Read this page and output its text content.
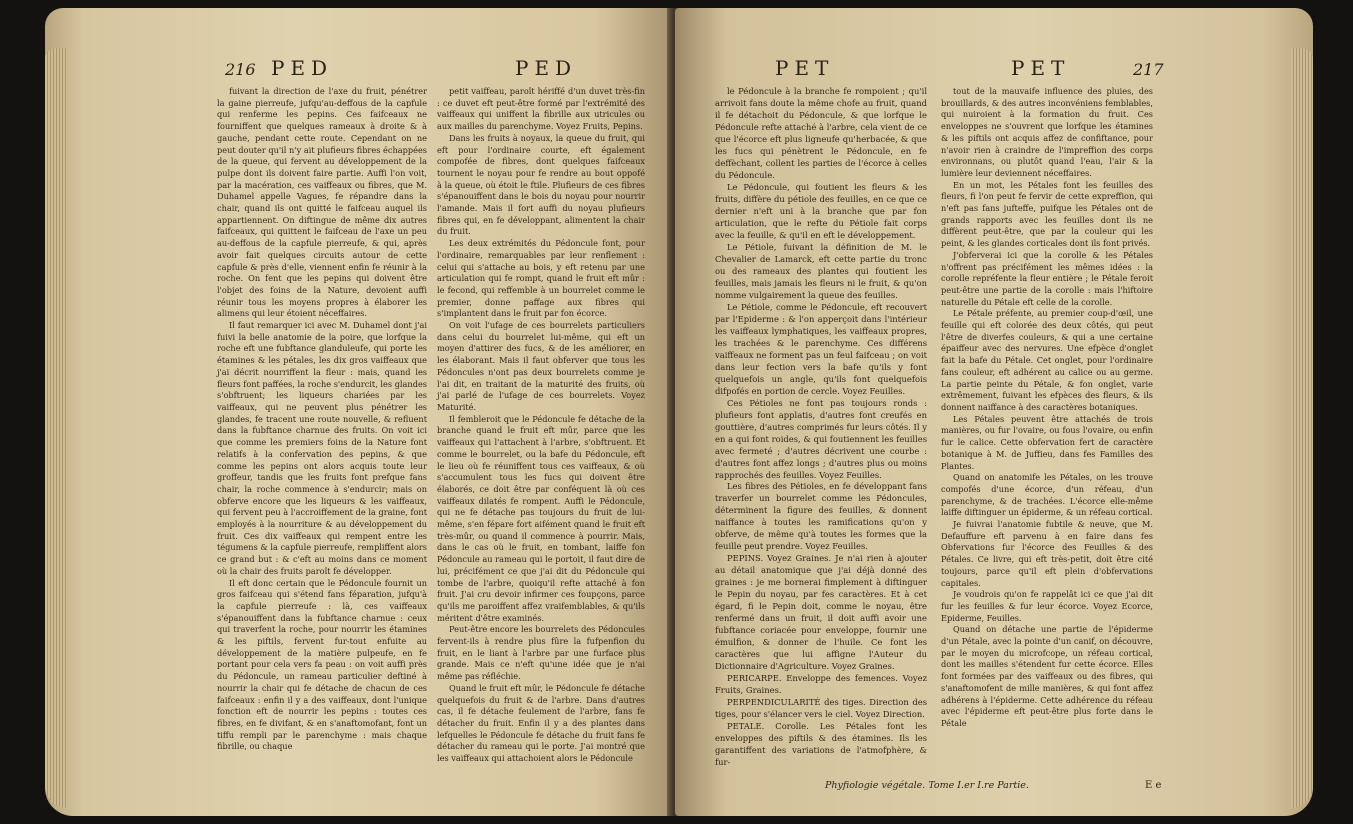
216 PED	PED

fuivant la direction de l'axe du fruit, pénétrer la gaine pierreufe, jufqu'au-deffous de la capfule qui renferme les pepins. Ces faifceaux ne fourniffent que quelques rameaux à droite & à gauche, pendant cette route. Cependant on ne peut douter qu'il n'y ait plufieurs fibres échappées de la queue, qui fervent au développement de la pulpe dont ils doivent faire partie. Auffi l'on voit, par la macération, ces vaiffeaux ou fibres, que M. Duhamel appelle Vagues, fe répandre dans la chair, quand ils ont quitté le faifceau auquel ils appartiennent. On diftingue de même dix autres faifceaux, qui quittent le faifceau de l'axe un peu au-deffous de la capfule pierreufe, & qui, après avoir fait quelques circuits autour de cette capfule & près d'elle, viennent enfin fe réunir à la roche. On fent que les pepins qui doivent être l'objet des foins de la Nature, devoient auffi réunir tous les moyens propres à élaborer les alimens qui leur étoient néceffaires.

Il faut remarquer ici avec M. Duhamel dont j'ai fuivi la belle anatomie de la poire, que lorfque la roche eft une fubftance glanduleufe, qui porte les étamines & les pétales, les dix gros vaiffeaux que j'ai décrit nourriffent la fleur : mais, quand les fleurs font paffées, la roche s'endurcit, les glandes s'obftruent; les liqueurs chariées par les vaiffeaux, qui ne peuvent plus pénétrer les glandes, fe tracent une route nouvelle, & refluent dans la fubftance charnue des fruits. On voit ici que comme les premiers foins de la Nature font relatifs à la confervation des pepins, & que comme les pepins ont alors acquis toute leur groffeur, tandis que les fruits font prefque fans chair, la roche commence à s'endurcir; mais on obferve encore que les liqueurs & les vaiffeaux, qui fervent peu à l'accroiffement de la graine, font employés à la nourriture & au développement du fruit. Ces dix vaiffeaux qui rempent entre les tégumens & la capfule pierreufe, rempliffent alors ce grand but : & c'eft au moins dans ce moment où la chair des fruits paroît fe développer.

Il eft donc certain que le Pédoncule fournit un gros faifceau qui s'étend fans féparation, jufqu'à la capfule pierreufe : là, ces vaiffeaux s'épanouiffent dans la fubftance charnue : ceux qui traverfent la roche, pour nourrir les étamines & les piftils, fervent fur-tout enfuite au développement de la matière pulpeufe, en fe portant pour cela vers fa peau : on voit auffi près du Pédoncule, un rameau particulier deftiné à nourrir la chair qui fe détache de chacun de ces faifceaux : enfin il y a des vaiffeaux, dont l'unique fonction eft de nourrir les pepins : toutes ces fibres, en fe divifant, & en s'anaftomofant, font un tiffu rempli par le parenchyme : mais chaque fibrille, ou chaque

petit vaiffeau, paroît hériffé d'un duvet très-fin : ce duvet eft peut-être formé par l'extrémité des vaiffeaux qui uniffent la fibrille aux utricules ou aux mailles du parenchyme. Voyez Fruits, Pepins.

Dans les fruits à noyaux, la queue du fruit, qui eft pour l'ordinaire courte, eft également compofée de fibres, dont quelques faifceaux tournent le noyau pour fe rendre au bout oppofé à la queue, où étoit le ftile. Plufieurs de ces fibres s'épanouiffent dans le bois du noyau pour nourrir l'amande. Mais il fort auffi du noyau plufieurs fibres qui, en fe développant, alimentent la chair du fruit.

Les deux extrémités du Pédoncule font, pour l'ordinaire, remarquables par leur renflement : celui qui s'attache au bois, y eft retenu par une articulation qui fe rompt, quand le fruit eft mûr : le fecond, qui reffemble à un bourrelet comme le premier, donne paffage aux fibres qui s'implantent dans le fruit par fon écorce.

On voit l'ufage de ces bourrelets particuliers dans celui du bourrelet lui-même, qui eft un moyen d'attirer des fucs, & de les améliorer, en les élaborant. Mais il faut obferver que tous les Pédoncules n'ont pas deux bourrelets comme je l'ai dit, en traitant de la maturité des fruits, où j'ai parlé de l'ufage de ces bourrelets. Voyez Maturité.

Il fembleroit que le Pédoncule fe détache de la branche quand le fruit eft mûr, parce que les vaiffeaux qui l'attachent à l'arbre, s'obftruent. Et comme le bourrelet, ou la bafe du Pédoncule, eft le lieu où fe réuniffent tous ces vaiffeaux, & où s'accumulent tous les fucs qui doivent être élaborés, ce doit être par conféquent là où ces vaiffeaux dilatés fe rompent. Auffi le Pédoncule, qui ne fe détache pas toujours du fruit de lui-même, s'en fépare fort aifément quand le fruit eft très-mûr, ou quand il commence à pourrir. Mais, dans le cas où le fruit, en tombant, laiffe fon Pédoncule au rameau qui le portoit, il faut dire de lui, précifément ce que j'ai dit du Pédoncule qui tombe de l'arbre, quoiqu'il refte attaché à fon fruit. J'ai cru devoir infirmer ces foupçons, parce qu'ils me paroiffent affez vraifemblables, & qu'ils méritent d'être examinés.

Peut-être encore les bourrelets des Pédoncules fervent-ils à rendre plus fûre la fufpenfion du fruit, en le liant à l'arbre par une furface plus grande. Mais ce n'eft qu'une idée que je n'ai même pas réfléchie.

Quand le fruit eft mûr, le Pédoncule fe détache quelquefois du fruit & de l'arbre. Dans d'autres cas, il fe détache feulement de l'arbre, fans fe détacher du fruit. Enfin il y a des plantes dans lefquelles le Pédoncule fe détache du fruit fans fe détacher du rameau qui le porte. J'ai montré que les vaiffeaux qui attachoient alors le Pédoncule

PET	PET	217

le Pédoncule à la branche fe rompoient ; qu'il arrivoit fans doute la même chofe au fruit, quand il fe détachoit du Pédoncule, & que lorfque le Pédoncule refte attaché à l'arbre, cela vient de ce que l'écorce eft plus ligneufe qu'herbacée, & que les fucs qui pénètrent le Pédoncule, en fe deffèchant, collent les parties de l'écorce à celles du Pédoncule.

Le Pédoncule, qui foutient les fleurs & les fruits, diffère du pétiole des feuilles, en ce que ce dernier n'eft uni à la branche que par fon articulation, que le refte du Pétiole fait corps avec la feuille, & qu'il en eft le développement.

Le Pétiole, fuivant la définition de M. le Chevalier de Lamarck, eft cette partie du tronc ou des rameaux des plantes qui foutient les feuilles, mais jamais les fleurs ni le fruit, & qu'on nomme vulgairement la queue des feuilles.

Le Pétiole, comme le Pédoncule, eft recouvert par l'Epiderme : & l'on apperçoit dans l'intérieur les vaiffeaux lymphatiques, les vaiffeaux propres, les trachées & le parenchyme. Ces différens vaiffeaux ne forment pas un feul faifceau ; on voit dans leur fection vers la bafe qu'ils y font quelquefois un angle, qu'ils font quelquefois difpofés en portion de cercle. Voyez Feuilles.

Ces Pétioles ne font pas toujours ronds : plufieurs font applatis, d'autres font creufés en gouttière, d'autres comprimés fur leurs côtés. Il y en a qui font roides, & qui foutiennent les feuilles avec fermeté ; d'autres décrivent une courbe : d'autres font affez longs ; d'autres plus ou moins rapprochés des feuilles. Voyez Feuilles.

Les fibres des Pétioles, en fe développant fans traverfer un bourrelet comme les Pédoncules, déterminent la figure des feuilles, & donnent naiffance à toutes les ramifications qu'on y obferve, de même qu'à toutes les formes que la feuille peut prendre. Voyez Feuilles.

PEPINS. Voyez Graines. Je n'ai rien à ajouter au détail anatomique que j'ai déjà donné des graines : je me bornerai fimplement à diftinguer le Pepin du noyau, par fes caractères. Et à cet égard, fi le Pepin doit, comme le noyau, être renfermé dans un fruit, il doit auffi avoir une fubftance coriacée pour enveloppe, fournir une émulfion, & donner de l'huile. Ce font les caractères que lui affigne l'Auteur du Dictionnaire d'Agriculture. Voyez Graines.

PERICARPE. Enveloppe des femences. Voyez Fruits, Graines.

PERPENDICULARITÉ des tiges. Direction des tiges, pour s'élancer vers le ciel. Voyez Direction.

PETALE. Corolle. Les Pétales font les enveloppes des piftils & des étamines. Ils les garantiffent des variations de l'atmofphère, & fur-

tout de la mauvaife influence des pluies, des brouillards, & des autres inconvéniens femblables, qui nuiroient à la formation du fruit. Ces enveloppes ne s'ouvrent que lorfque les étamines & les piftils ont acquis affez de confiftance, pour n'avoir rien à craindre de l'impreffion des corps environnans, ou plutôt quand l'eau, l'air & la lumière leur deviennent néceffaires.

En un mot, les Pétales font les feuilles des fleurs, fi l'on peut fe fervir de cette expreffion, qui n'eft pas fans jufteffe, puifque les Pétales ont de grands rapports avec les feuilles dont ils ne diffèrent peut-être, que par la couleur qui les peint, & les glandes corticales dont ils font privés.

J'obferverai ici que la corolle & les Pétales n'offrent pas précifément les mêmes idées : la corolle repréfente la fleur entière ; le Pétale feroit peut-être une partie de la corolle : mais l'hiftoire naturelle du Pétale eft celle de la corolle.

Le Pétale préfente, au premier coup-d'œil, une feuille qui eft colorée des deux côtés, qui peut l'être de diverfes couleurs, & qui a une certaine épaiffeur avec des nervures. Une efpèce d'onglet fait la bafe du Pétale. Cet onglet, pour l'ordinaire fans couleur, eft adhérent au calice ou au germe. La partie peinte du Pétale, & fon onglet, varie extrêmement, fuivant les efpèces des fleurs, & ils donnent naiffance à des caractères botaniques.

Les Pétales peuvent être attachés de trois manières, ou fur l'ovaire, ou fous l'ovaire, ou enfin fur le calice. Cette obfervation fert de caractère botanique à M. de Juffieu, dans fes Familles des Plantes.

Quand on anatomife les Pétales, on les trouve compofés d'une écorce, d'un réfeau, d'un parenchyme, & de trachées. L'écorce elle-même laiffe diftinguer un épiderme, & un réfeau cortical.

Je fuivrai l'anatomie fubtile & neuve, que M. Defauffure eft parvenu à en faire dans fes Obfervations fur l'écorce des Feuilles & des Pétales. Ce livre, qui eft très-petit, doit être cité toujours, parce qu'il eft plein d'obfervations capitales.

Je voudrois qu'on fe rappelât ici ce que j'ai dit fur les feuilles & fur leur écorce. Voyez Ecorce, Epiderme, Feuilles.

Quand on détache une partie de l'épiderme d'un Pétale, avec la pointe d'un canif, on découvre, par le moyen du microfcope, un réfeau cortical, dont les mailles s'étendent fur cette écorce. Elles font formées par des vaiffeaux ou des fibres, qui s'anaftomofent de mille manières, & qui font affez adhérens à l'épiderme. Cette adhérence du réfeau avec l'épiderme eft peut-être plus forte dans le Pétale

Phyfiologie végétale. Tome I.er I.re Partie.	E e
